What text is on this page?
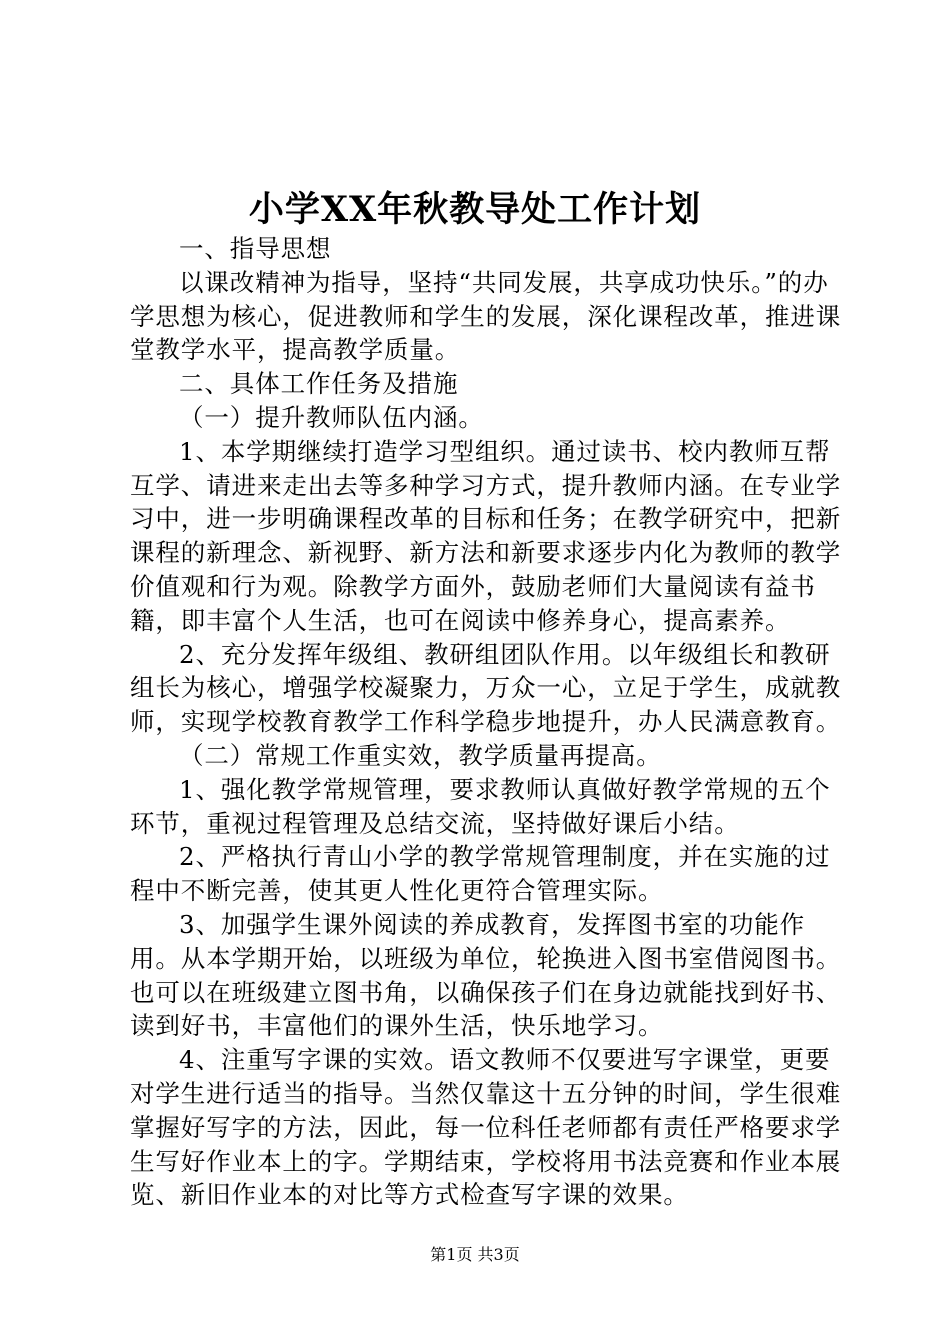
小学XX年秋教导处工作计划

一、指导思想

以课改精神为指导，坚持“共同发展，共享成功快乐。”的办学思想为核心，促进教师和学生的发展，深化课程改革，推进课堂教学水平，提高教学质量。

二、具体工作任务及措施

（一）提升教师队伍内涵。

1、本学期继续打造学习型组织。通过读书、校内教师互帮互学、请进来走出去等多种学习方式，提升教师内涵。在专业学习中，进一步明确课程改革的目标和任务；在教学研究中，把新课程的新理念、新视野、新方法和新要求逐步内化为教师的教学价值观和行为观。除教学方面外，鼓励老师们大量阅读有益书籍，即丰富个人生活，也可在阅读中修养身心，提高素养。

2、充分发挥年级组、教研组团队作用。以年级组长和教研组长为核心，增强学校凝聚力，万众一心，立足于学生，成就教师，实现学校教育教学工作科学稳步地提升，办人民满意教育。

（二）常规工作重实效，教学质量再提高。

1、强化教学常规管理，要求教师认真做好教学常规的五个环节，重视过程管理及总结交流，坚持做好课后小结。

2、严格执行青山小学的教学常规管理制度，并在实施的过程中不断完善，使其更人性化更符合管理实际。

3、加强学生课外阅读的养成教育，发挥图书室的功能作用。从本学期开始，以班级为单位，轮换进入图书室借阅图书。也可以在班级建立图书角，以确保孩子们在身边就能找到好书、读到好书，丰富他们的课外生活，快乐地学习。

4、注重写字课的实效。语文教师不仅要进写字课堂，更要对学生进行适当的指导。当然仅靠这十五分钟的时间，学生很难掌握好写字的方法，因此，每一位科任老师都有责任严格要求学生写好作业本上的字。学期结束，学校将用书法竞赛和作业本展览、新旧作业本的对比等方式检查写字课的效果。

第1页 共3页
